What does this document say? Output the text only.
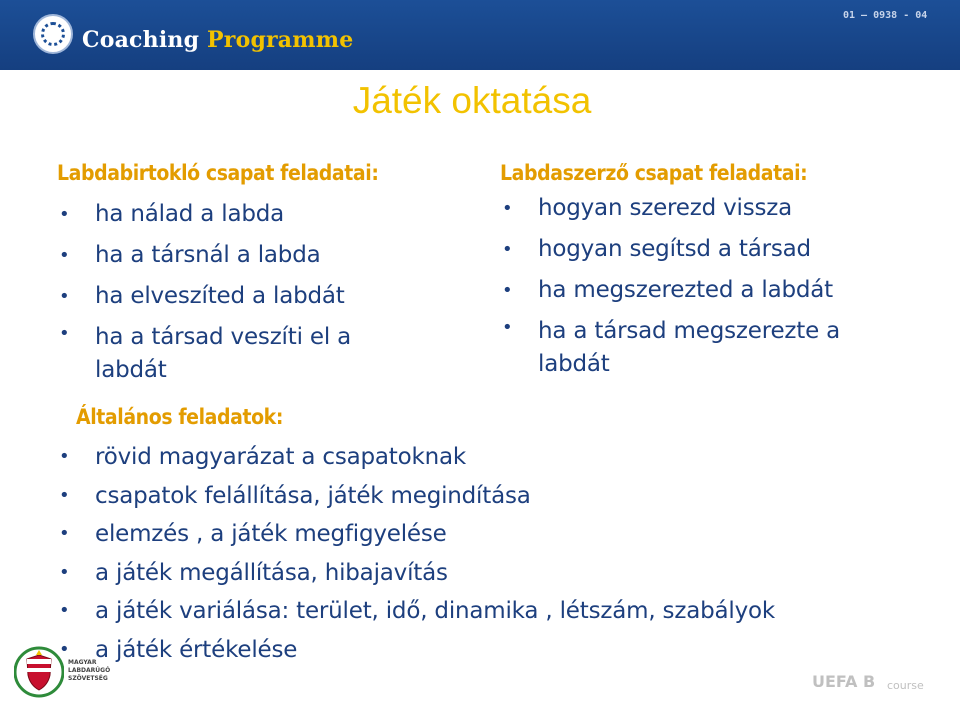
Coaching Programme
01 – 0938 - 04
Játék oktatása
Labdabirtokló csapat feladatai:
• ha nálad a labda
• ha a társnál a labda
• ha elveszíted a labdát
• ha a társad veszíti el a labdát
Labdaszerző csapat feladatai:
• hogyan szerezd vissza
• hogyan segítsd a társad
• ha megszerezted a labdát
• ha a társad megszerezte a labdát
Általános feladatok:
• rövid magyarázat a csapatoknak
• csapatok felállítása, játék megindítása
• elemzés , a játék megfigyelése
• a játék megállítása, hibajavítás
• a játék variálása: terület, idő, dinamika , létszám, szabályok
• a játék értékelése
MAGYAR
LABDARÚGÓ
SZÖVETSÉG	UEFA B course
